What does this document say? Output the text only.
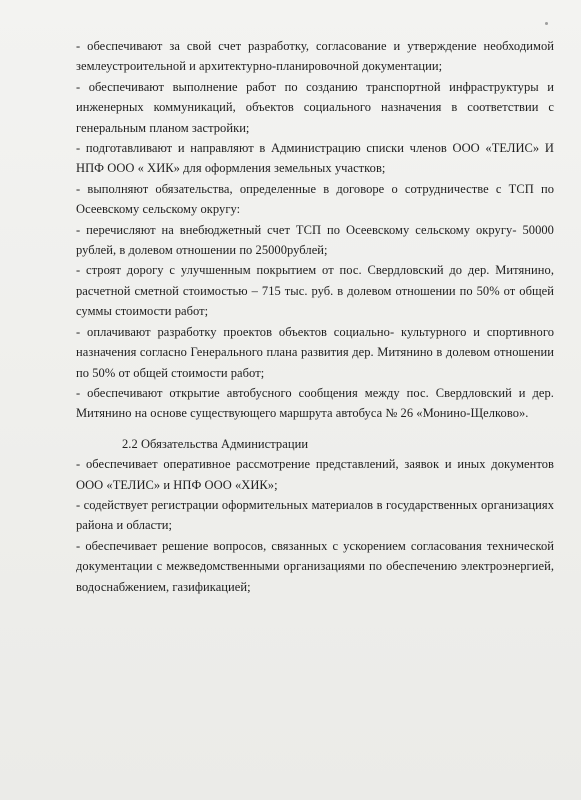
- обеспечивают за свой счет разработку, согласование и утверждение необходимой землеустроительной и архитектурно-планировочной документации;

- обеспечивают выполнение работ по созданию транспортной инфраструктуры и инженерных коммуникаций, объектов социального назначения в соответствии с генеральным планом застройки;

- подготавливают и направляют в Администрацию списки членов ООО «ТЕЛИС» И НПФ ООО « ХИК» для оформления земельных участков;

- выполняют обязательства, определенные в договоре о сотрудничестве с ТСП по Осеевскому сельскому округу:

- перечисляют на внебюджетный счет ТСП по Осеевскому сельскому округу- 50000 рублей, в долевом отношении по 25000рублей;

- строят дорогу с улучшенным покрытием от пос. Свердловский до дер. Митянино, расчетной сметной стоимостью – 715 тыс. руб. в долевом отношении по 50% от общей суммы стоимости работ;

- оплачивают разработку проектов объектов социально- культурного и спортивного назначения согласно Генерального плана развития дер. Митянино в долевом отношении по 50% от общей стоимости работ;

- обеспечивают открытие автобусного сообщения между пос. Свердловский и дер. Митянино на основе существующего маршрута автобуса № 26 «Монино-Щелково».

2.2 Обязательства Администрации

- обеспечивает оперативное рассмотрение представлений, заявок и иных документов ООО «ТЕЛИС» и НПФ ООО «ХИК»;

- содействует регистрации оформительных материалов в государственных организациях района и области;

- обеспечивает решение вопросов, связанных с ускорением согласования технической документации с межведомственными организациями по обеспечению электроэнергией, водоснабжением, газификацией;
